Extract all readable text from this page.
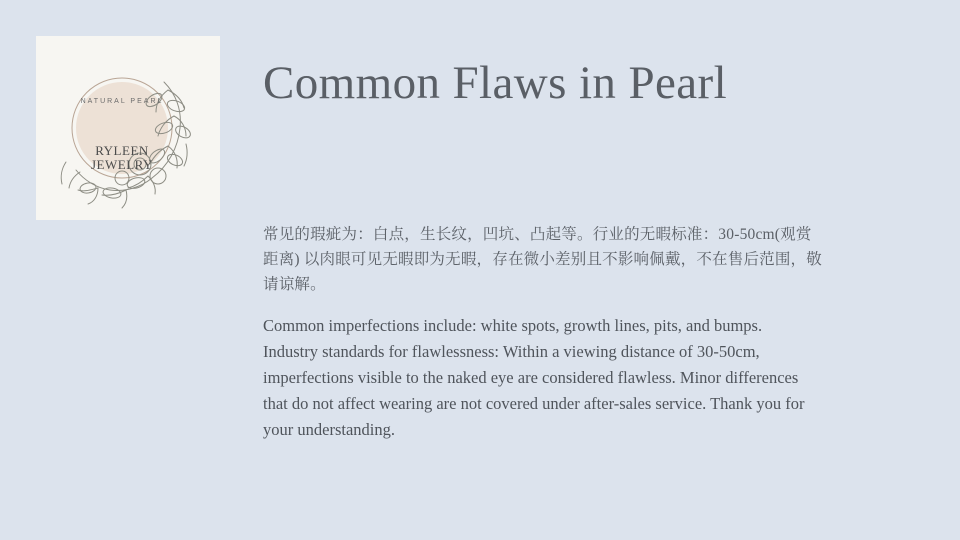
NATURAL PEARL
RYLEEN
JEWELRY
Common Flaws in Pearl

常见的瑕疵为：白点，生长纹，凹坑、凸起等。行业的无暇标准：30-50cm(观赏距离) 以肉眼可见无暇即为无暇，存在微小差别且不影响佩戴，不在售后范围，敬请谅解。

Common imperfections include: white spots, growth lines, pits, and bumps. Industry standards for flawlessness: Within a viewing distance of 30-50cm, imperfections visible to the naked eye are considered flawless. Minor differences that do not affect wearing are not covered under after-sales service. Thank you for your understanding.
